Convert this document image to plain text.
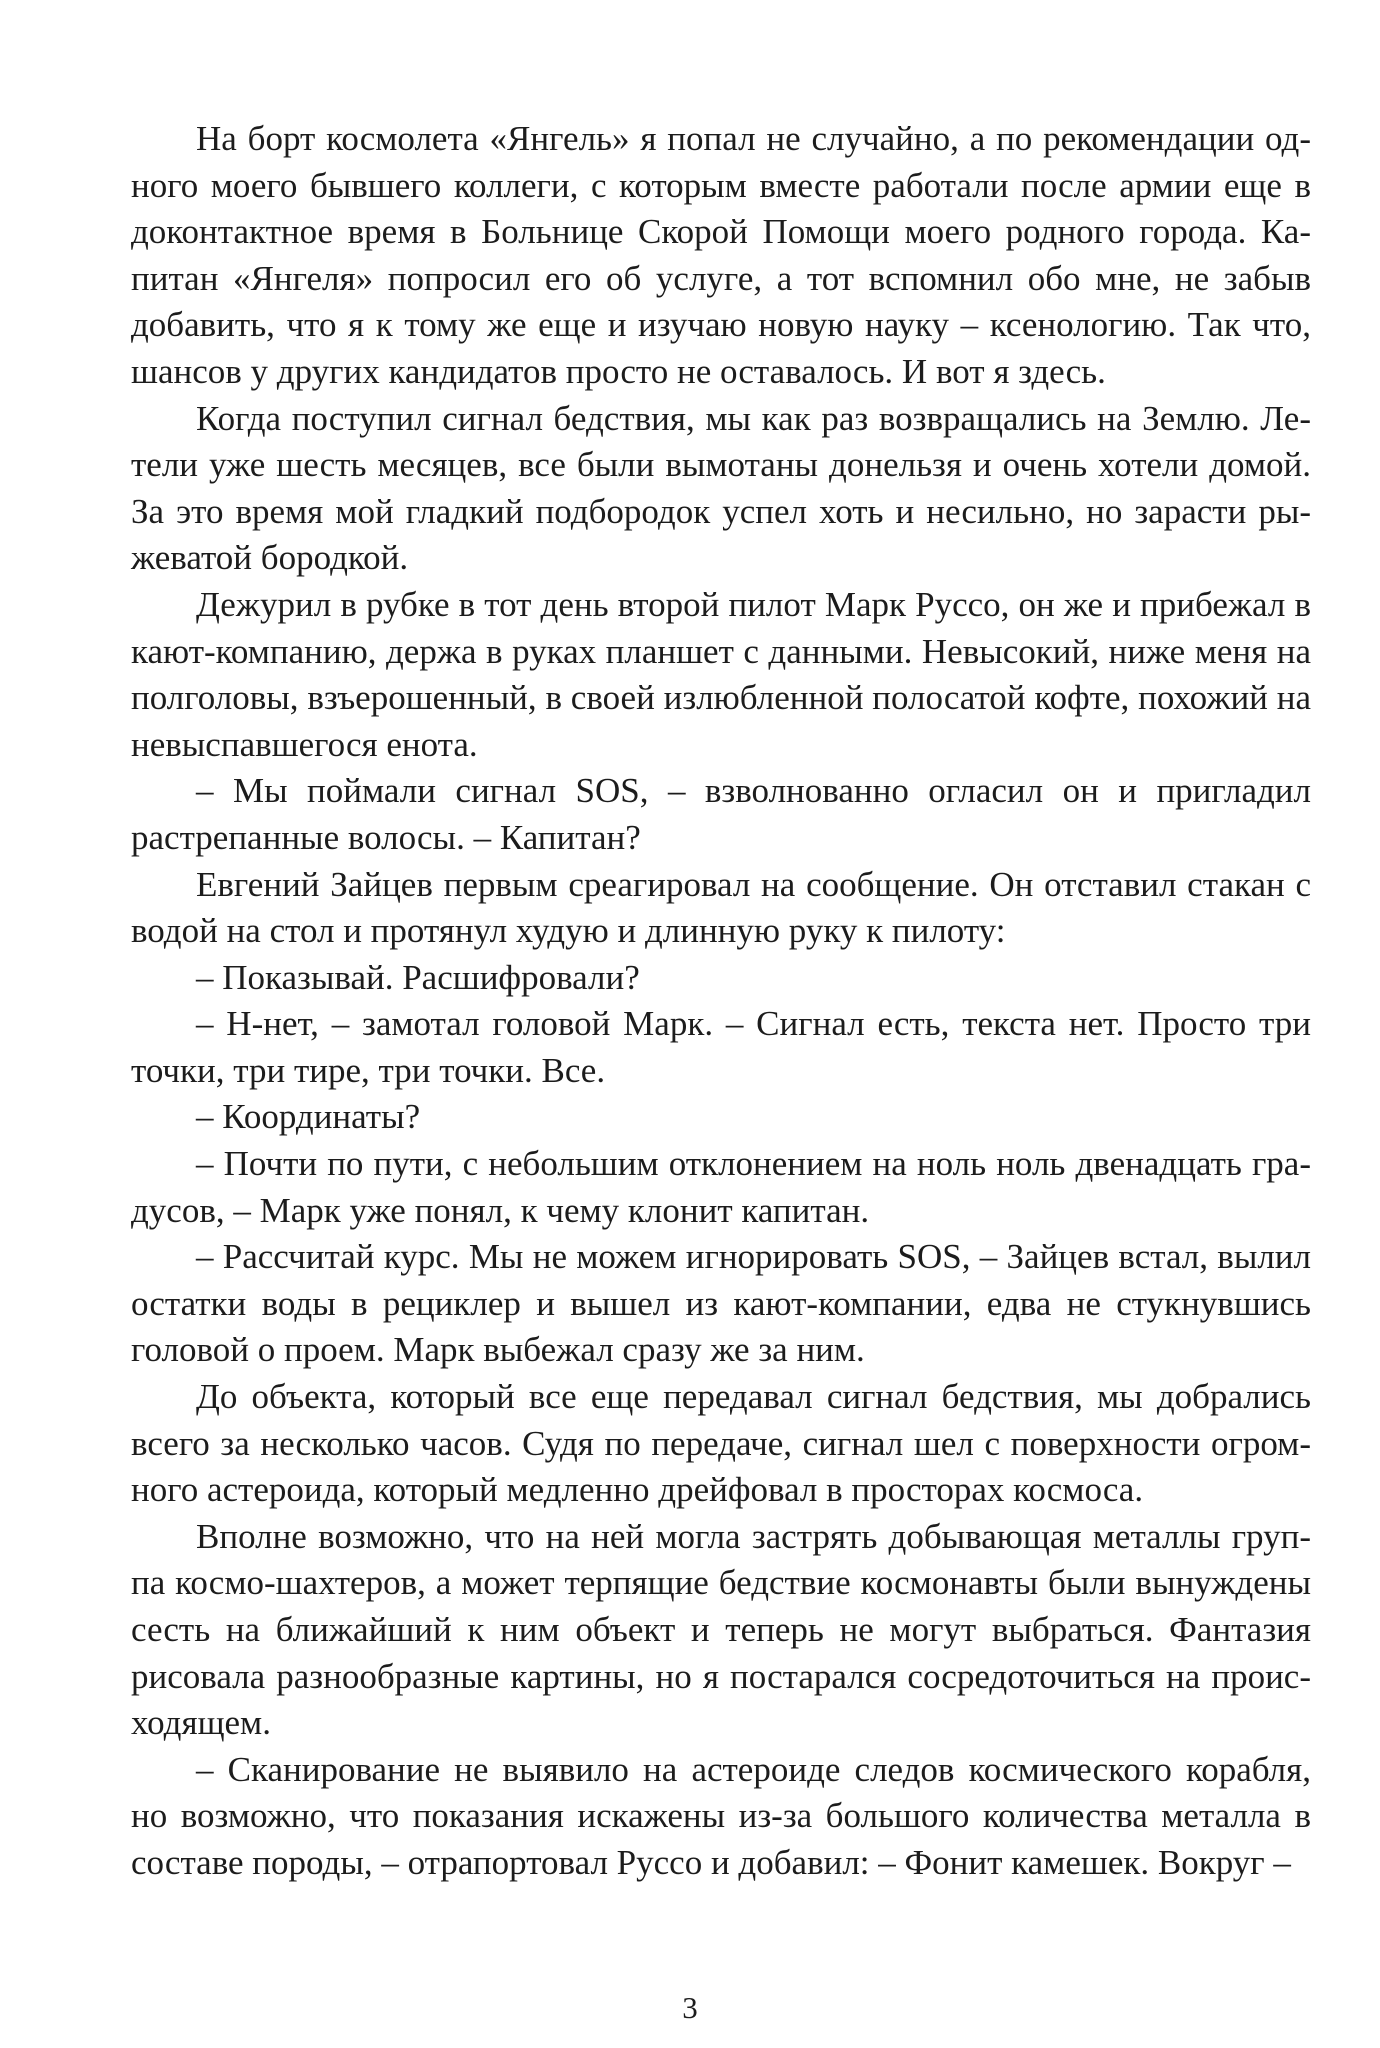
На борт космолета «Янгель» я попал не случайно, а по рекомендации одного моего бывшего коллеги, с которым вместе работали после армии еще в доконтактное время в Больнице Скорой Помощи моего родного города. Капитан «Янгеля» попросил его об услуге, а тот вспомнил обо мне, не забыв добавить, что я к тому же еще и изучаю новую науку – ксенологию. Так что, шансов у других кандидатов просто не оставалось. И вот я здесь.

Когда поступил сигнал бедствия, мы как раз возвращались на Землю. Летели уже шесть месяцев, все были вымотаны донельзя и очень хотели домой. За это время мой гладкий подбородок успел хоть и несильно, но зарасти рыжеватой бородкой.

Дежурил в рубке в тот день второй пилот Марк Руссо, он же и прибежал в кают-компанию, держа в руках планшет с данными. Невысокий, ниже меня на полголовы, взъерошенный, в своей излюбленной полосатой кофте, похожий на невыспавшегося енота.

– Мы поймали сигнал SOS, – взволнованно огласил он и пригладил растрепанные волосы. – Капитан?

Евгений Зайцев первым среагировал на сообщение. Он отставил стакан с водой на стол и протянул худую и длинную руку к пилоту:

– Показывай. Расшифровали?

– Н-нет, – замотал головой Марк. – Сигнал есть, текста нет. Просто три точки, три тире, три точки. Все.

– Координаты?

– Почти по пути, с небольшим отклонением на ноль ноль двенадцать градусов, – Марк уже понял, к чему клонит капитан.

– Рассчитай курс. Мы не можем игнорировать SOS, – Зайцев встал, вылил остатки воды в рециклер и вышел из кают-компании, едва не стукнувшись головой о проем. Марк выбежал сразу же за ним.

До объекта, который все еще передавал сигнал бедствия, мы добрались всего за несколько часов. Судя по передаче, сигнал шел с поверхности огромного астероида, который медленно дрейфовал в просторах космоса.

Вполне возможно, что на ней могла застрять добывающая металлы группа космо-шахтеров, а может терпящие бедствие космонавты были вынуждены сесть на ближайший к ним объект и теперь не могут выбраться. Фантазия рисовала разнообразные картины, но я постарался сосредоточиться на происходящем.

– Сканирование не выявило на астероиде следов космического корабля, но возможно, что показания искажены из-за большого количества металла в составе породы, – отрапортовал Руссо и добавил: – Фонит камешек. Вокруг –

3
